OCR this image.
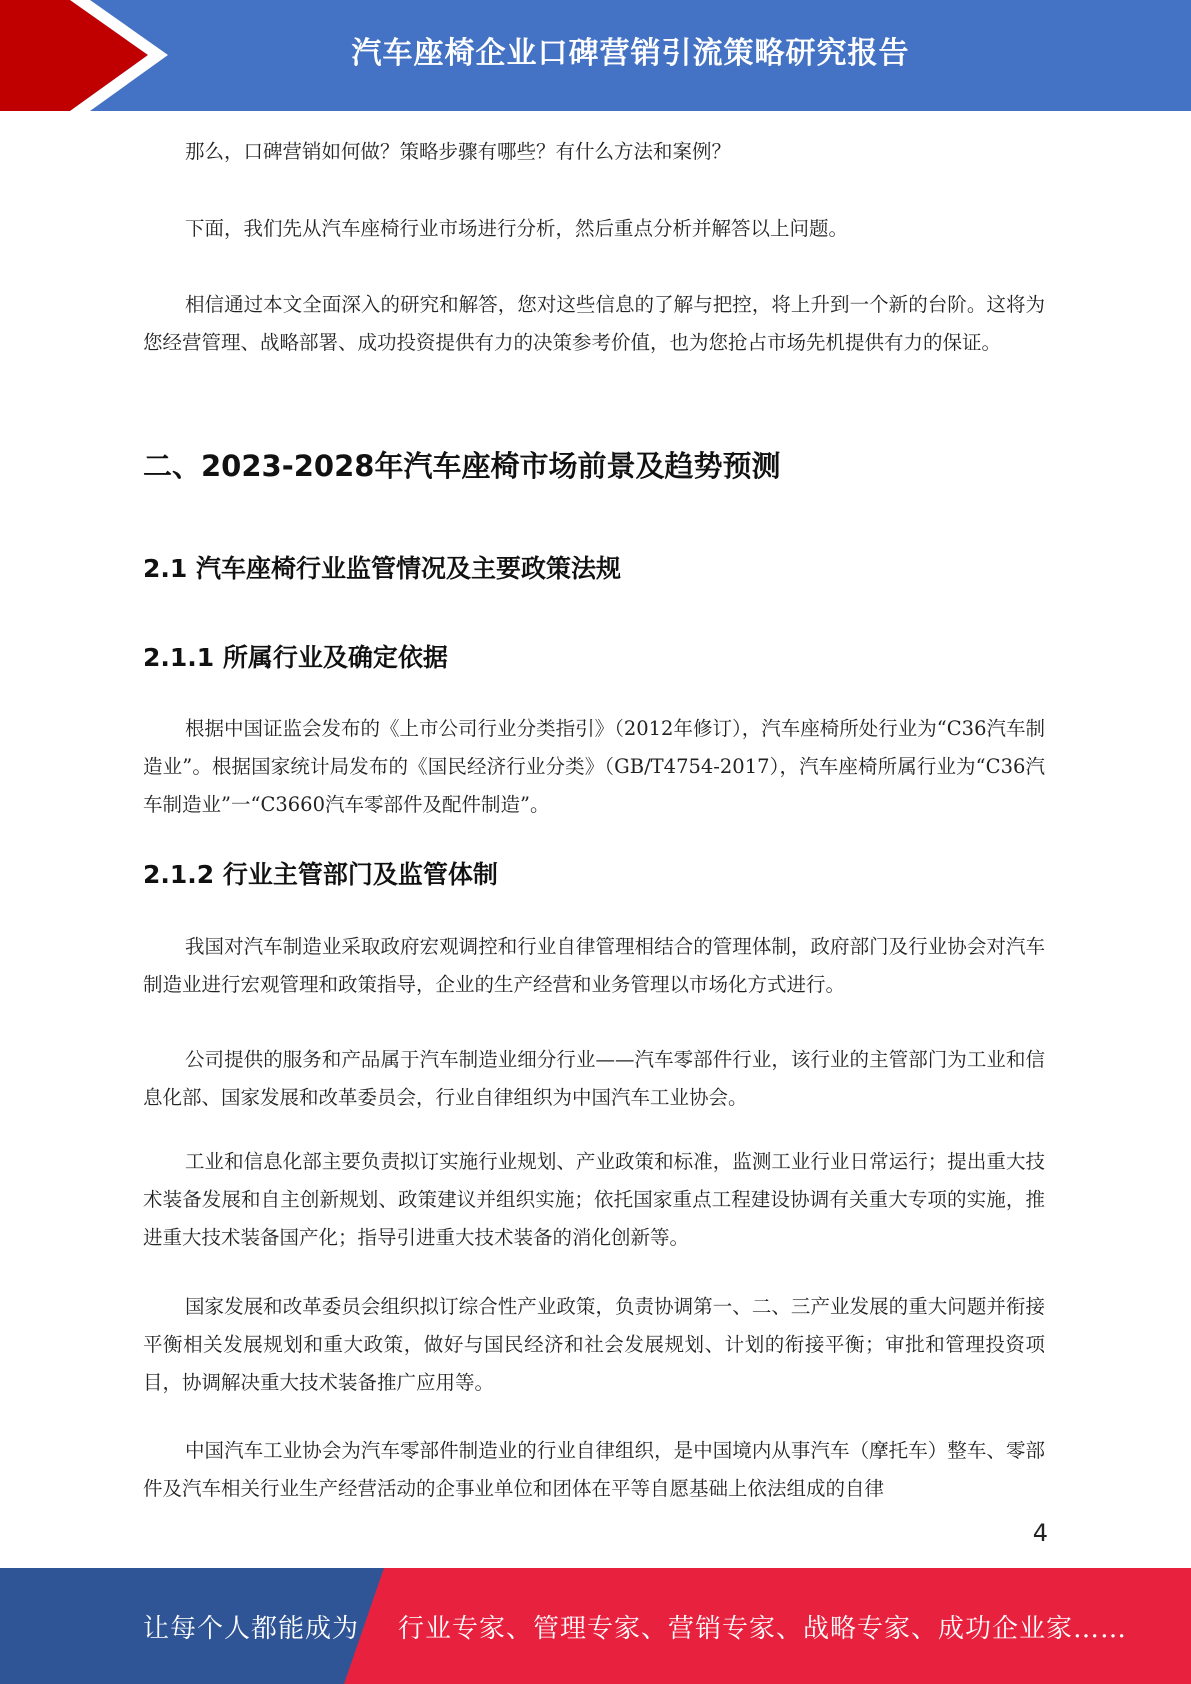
汽车座椅企业口碑营销引流策略研究报告
那么，口碑营销如何做？策略步骤有哪些？有什么方法和案例？
下面，我们先从汽车座椅行业市场进行分析，然后重点分析并解答以上问题。
相信通过本文全面深入的研究和解答，您对这些信息的了解与把控，将上升到一个新的台阶。这将为您经营管理、战略部署、成功投资提供有力的决策参考价值，也为您抢占市场先机提供有力的保证。
二、2023-2028年汽车座椅市场前景及趋势预测
2.1 汽车座椅行业监管情况及主要政策法规
2.1.1 所属行业及确定依据
根据中国证监会发布的《上市公司行业分类指引》（2012年修订），汽车座椅所处行业为“C36汽车制造业”。根据国家统计局发布的《国民经济行业分类》（GB/T4754-2017），汽车座椅所属行业为“C36汽车制造业”一“C3660汽车零部件及配件制造”。
2.1.2 行业主管部门及监管体制
我国对汽车制造业采取政府宏观调控和行业自律管理相结合的管理体制，政府部门及行业协会对汽车制造业进行宏观管理和政策指导，企业的生产经营和业务管理以市场化方式进行。
公司提供的服务和产品属于汽车制造业细分行业——汽车零部件行业，该行业的主管部门为工业和信息化部、国家发展和改革委员会，行业自律组织为中国汽车工业协会。
工业和信息化部主要负责拟订实施行业规划、产业政策和标准，监测工业行业日常运行；提出重大技术装备发展和自主创新规划、政策建议并组织实施；依托国家重点工程建设协调有关重大专项的实施，推进重大技术装备国产化；指导引进重大技术装备的消化创新等。
国家发展和改革委员会组织拟订综合性产业政策，负责协调第一、二、三产业发展的重大问题并衔接平衡相关发展规划和重大政策，做好与国民经济和社会发展规划、计划的衔接平衡；审批和管理投资项目，协调解决重大技术装备推广应用等。
中国汽车工业协会为汽车零部件制造业的行业自律组织，是中国境内从事汽车（摩托车）整车、零部件及汽车相关行业生产经营活动的企事业单位和团体在平等自愿基础上依法组成的自律
4
让每个人都能成为 行业专家、管理专家、营销专家、战略专家、成功企业家……
